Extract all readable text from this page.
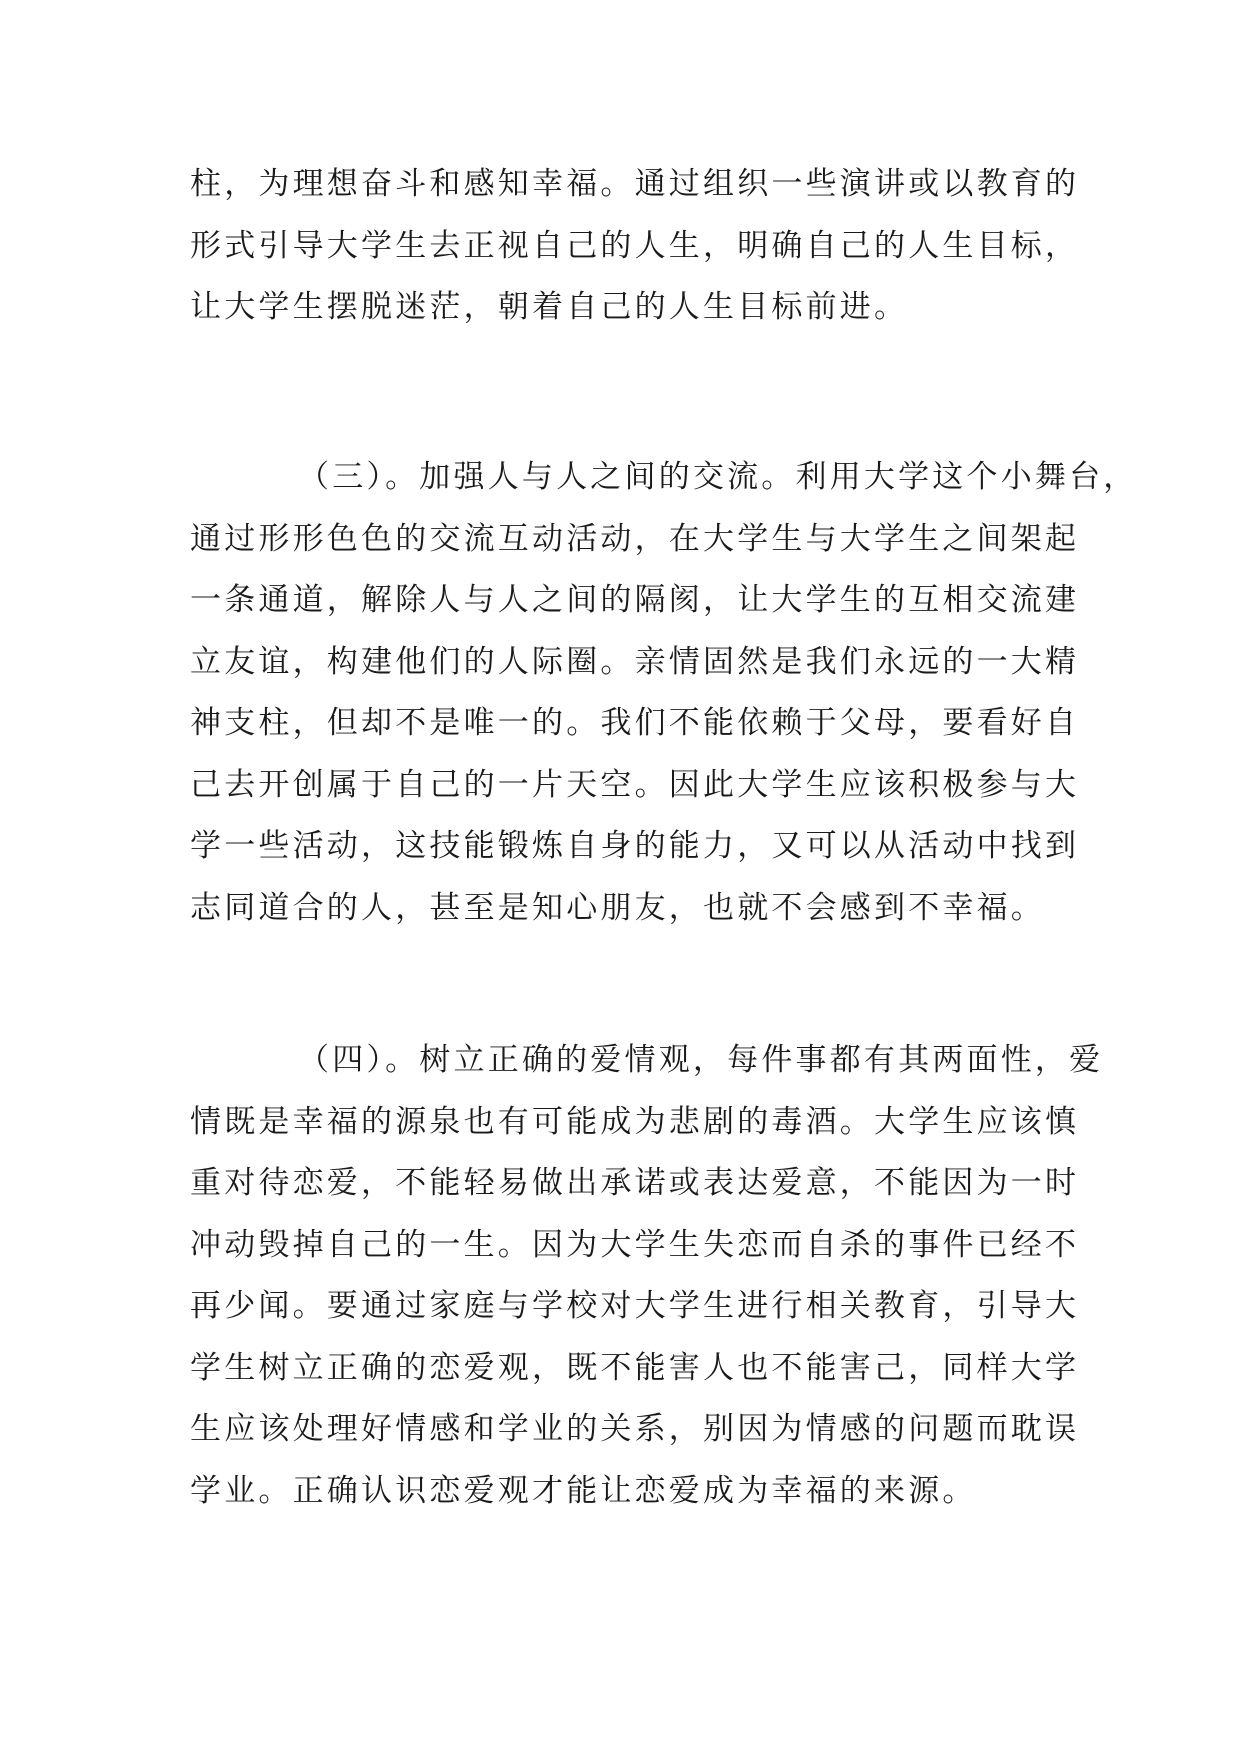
柱，为理想奋斗和感知幸福。通过组织一些演讲或以教育的
形式引导大学生去正视自己的人生，明确自己的人生目标，
让大学生摆脱迷茫，朝着自己的人生目标前进。
（三）。加强人与人之间的交流。利用大学这个小舞台，
通过形形色色的交流互动活动，在大学生与大学生之间架起
一条通道，解除人与人之间的隔阂，让大学生的互相交流建
立友谊，构建他们的人际圈。亲情固然是我们永远的一大精
神支柱，但却不是唯一的。我们不能依赖于父母，要看好自
己去开创属于自己的一片天空。因此大学生应该积极参与大
学一些活动，这技能锻炼自身的能力，又可以从活动中找到
志同道合的人，甚至是知心朋友，也就不会感到不幸福。
（四）。树立正确的爱情观，每件事都有其两面性，爱
情既是幸福的源泉也有可能成为悲剧的毒酒。大学生应该慎
重对待恋爱，不能轻易做出承诺或表达爱意，不能因为一时
冲动毁掉自己的一生。因为大学生失恋而自杀的事件已经不
再少闻。要通过家庭与学校对大学生进行相关教育，引导大
学生树立正确的恋爱观，既不能害人也不能害己，同样大学
生应该处理好情感和学业的关系，别因为情感的问题而耽误
学业。正确认识恋爱观才能让恋爱成为幸福的来源。
